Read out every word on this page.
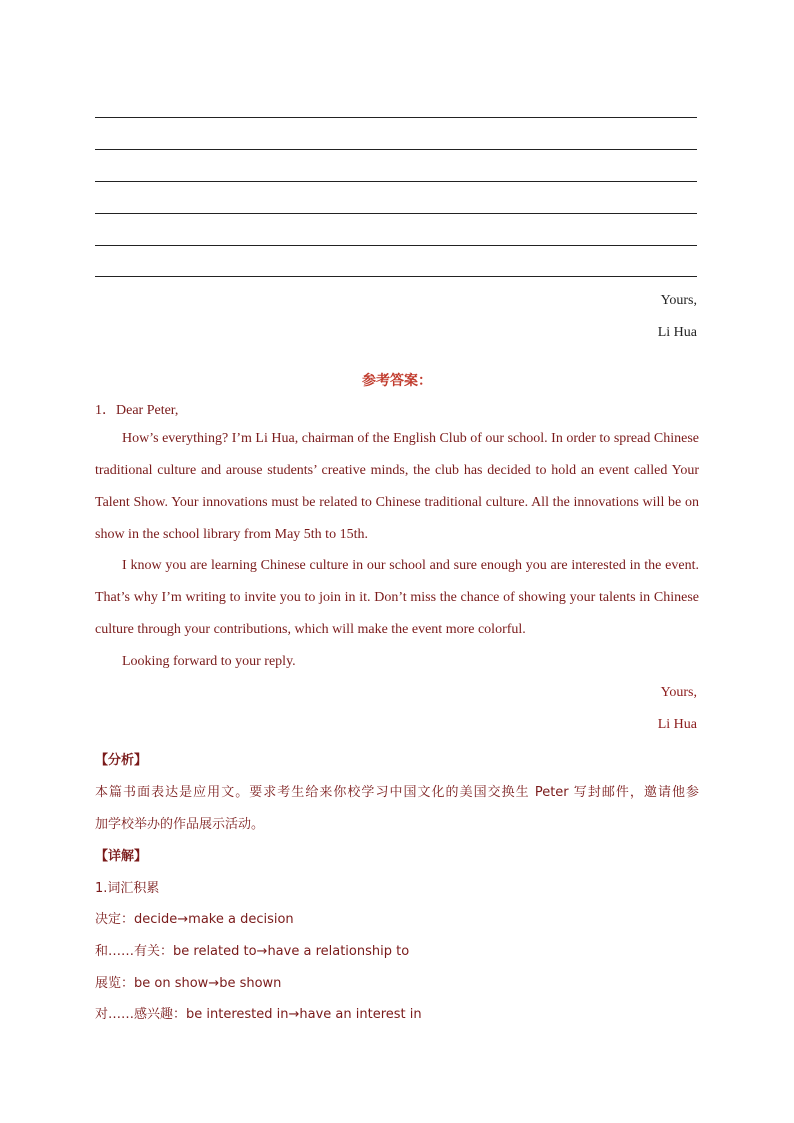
Yours,
Li Hua
参考答案：
1．Dear Peter,
How’s everything? I’m Li Hua, chairman of the English Club of our school. In order to spread Chinese
traditional culture and arouse students’ creative minds, the club has decided to hold an event called Your
Talent Show. Your innovations must be related to Chinese traditional culture. All the innovations will be on
show in the school library from May 5th to 15th.
I know you are learning Chinese culture in our school and sure enough you are interested in the event.
That’s why I’m writing to invite you to join in it. Don’t miss the chance of showing your talents in Chinese
culture through your contributions, which will make the event more colorful.
Looking forward to your reply.
Yours,
Li Hua
【分析】
本篇书面表达是应用文。要求考生给来你校学习中国文化的美国交换生 Peter 写封邮件，邀请他参
加学校举办的作品展示活动。
【详解】
1.词汇积累
决定：decide→make a decision
和……有关：be related to→have a relationship to
展览：be on show→be shown
对……感兴趣：be interested in→have an interest in
